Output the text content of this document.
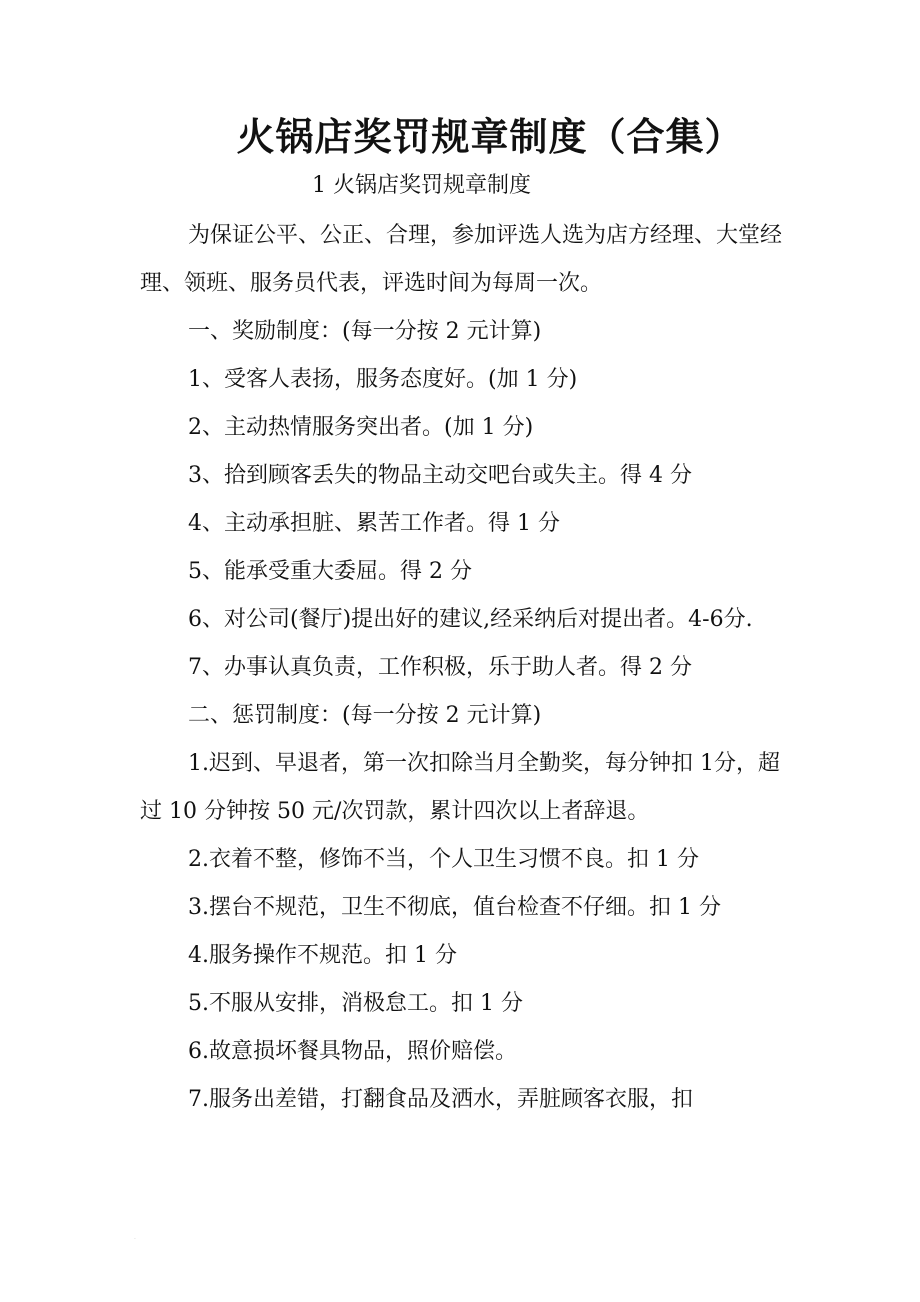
火锅店奖罚规章制度（合集）
1 火锅店奖罚规章制度

为保证公平、公正、合理，参加评选人选为店方经理、大堂经理、领班、服务员代表，评选时间为每周一次。

一、奖励制度：(每一分按 2 元计算)

1、受客人表扬，服务态度好。(加 1 分)

2、主动热情服务突出者。(加 1 分)

3、拾到顾客丢失的物品主动交吧台或失主。得 4 分

4、主动承担脏、累苦工作者。得 1 分

5、能承受重大委屈。得 2 分

6、对公司(餐厅)提出好的建议,经采纳后对提出者。4-6分.

7、办事认真负责，工作积极，乐于助人者。得 2 分

二、惩罚制度：(每一分按 2 元计算)

1.迟到、早退者，第一次扣除当月全勤奖，每分钟扣 1分，超过 10 分钟按 50 元/次罚款，累计四次以上者辞退。

2.衣着不整，修饰不当，个人卫生习惯不良。扣 1 分

3.摆台不规范，卫生不彻底，值台检查不仔细。扣 1 分

4.服务操作不规范。扣 1 分

5.不服从安排，消极怠工。扣 1 分

6.故意损坏餐具物品，照价赔偿。

7.服务出差错，打翻食品及洒水，弄脏顾客衣服，扣

·
